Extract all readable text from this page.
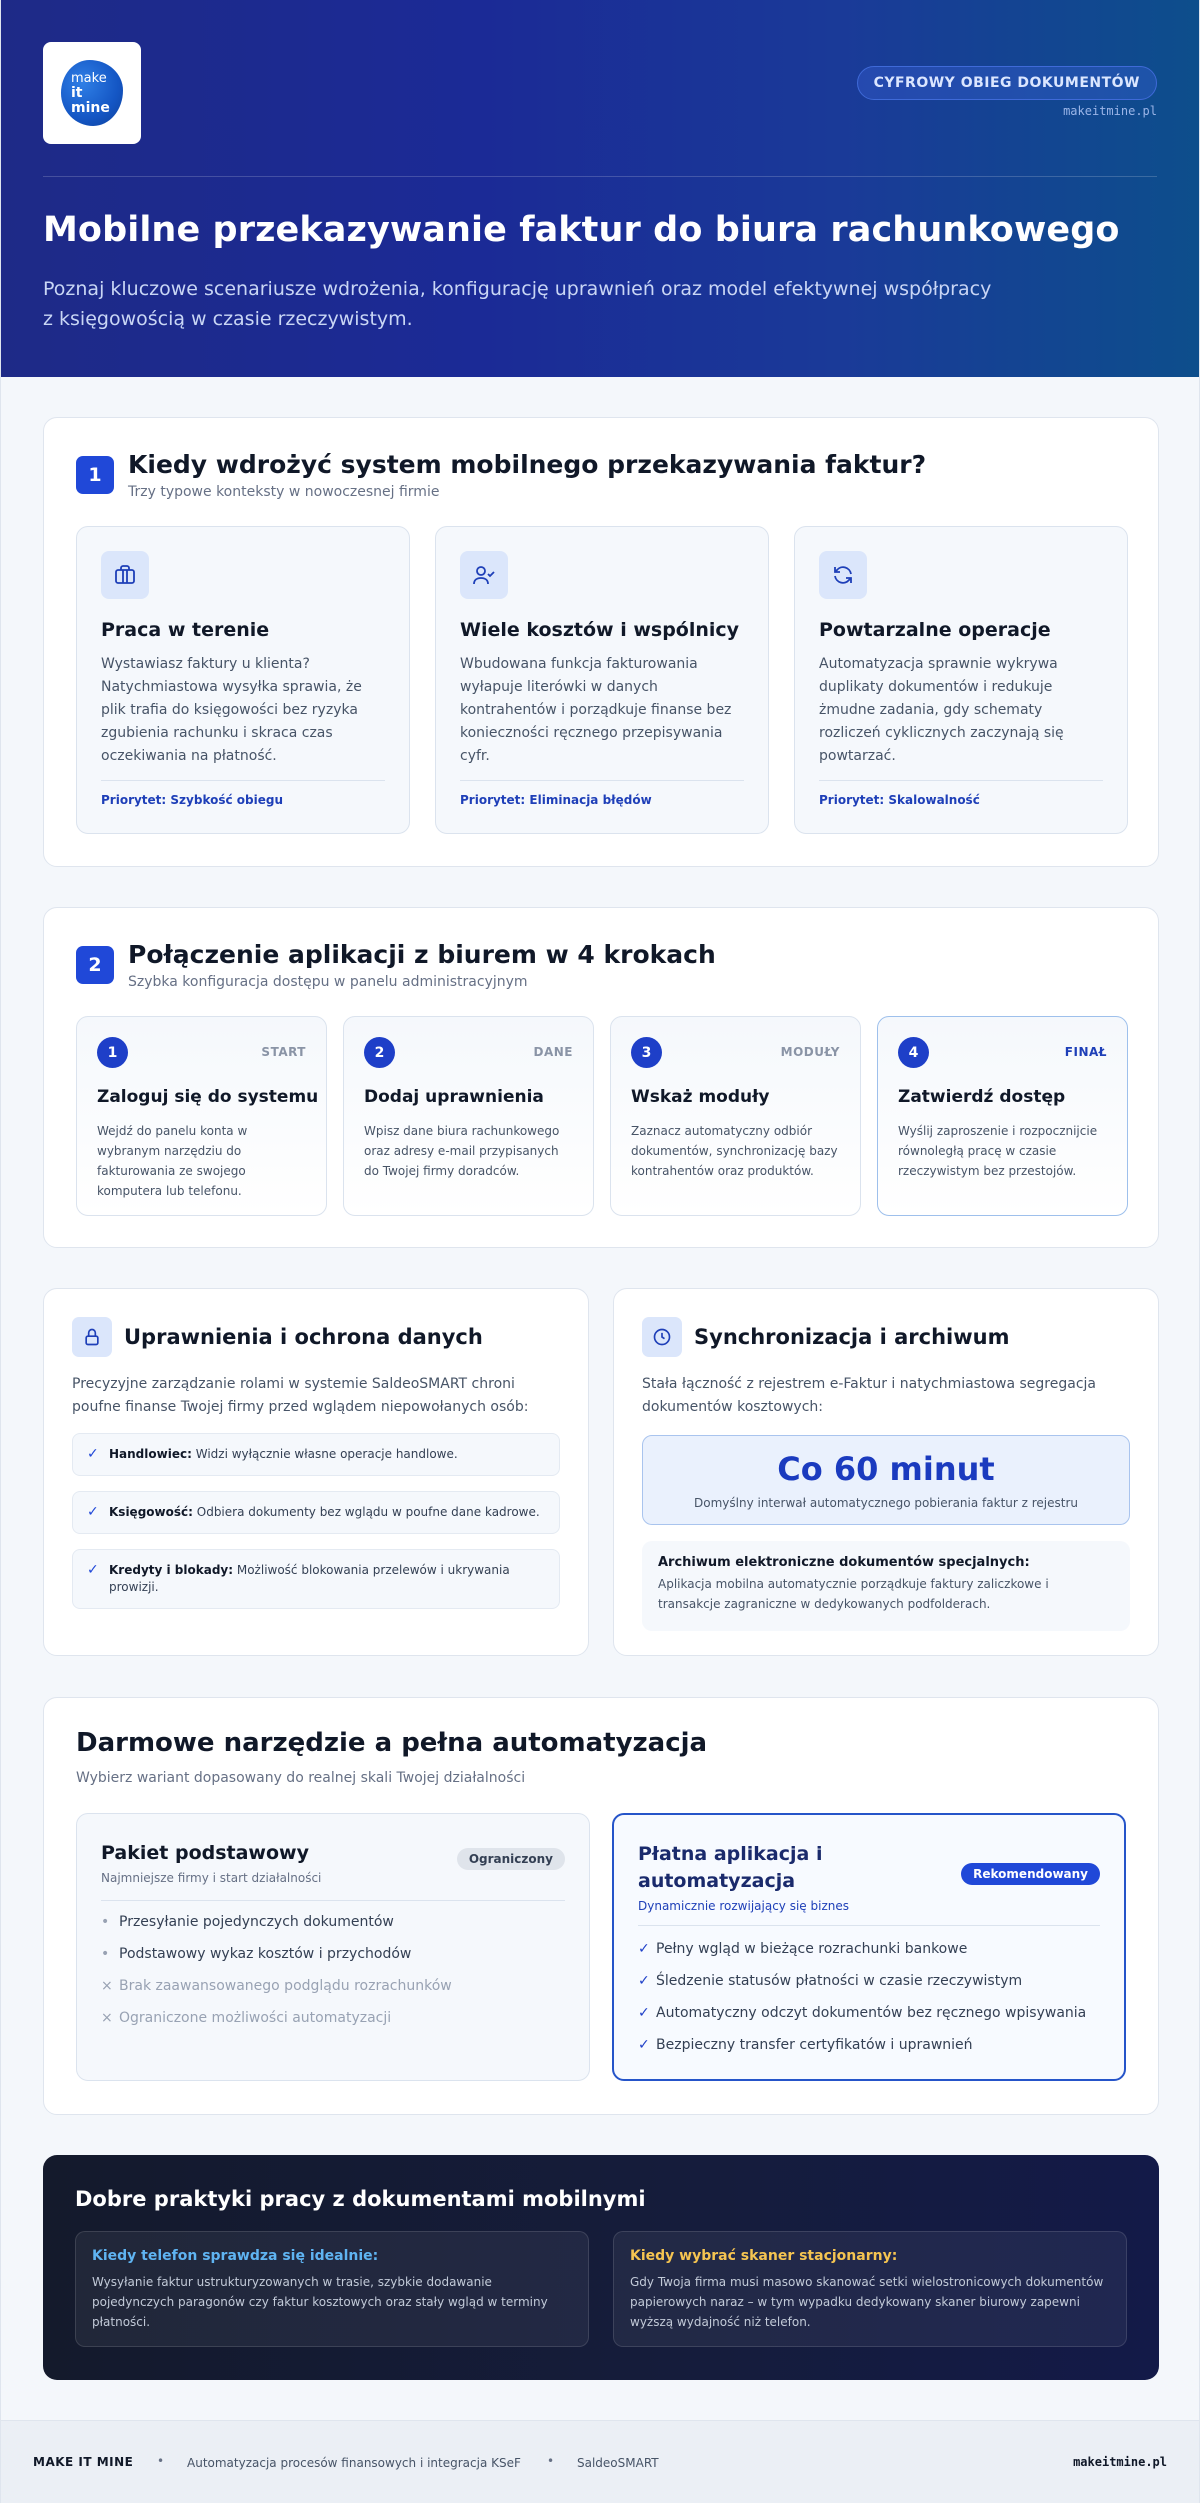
make
it
mine
CYFROWY OBIEG DOKUMENTÓW
makeitmine.pl
Mobilne przekazywanie faktur do biura rachunkowego

Poznaj kluczowe scenariusze wdrożenia, konfigurację uprawnień oraz model efektywnej współpracy z księgowością w czasie rzeczywistym.

1	Kiedy wdrożyć system mobilnego przekazywania faktur?
Trzy typowe konteksty w nowoczesnej firmie
Praca w terenie
Wystawiasz faktury u klienta? Natychmiastowa wysyłka sprawia, że plik trafia do księgowości bez ryzyka zgubienia rachunku i skraca czas oczekiwania na płatność.
Priorytet: Szybkość obiegu
Wiele kosztów i wspólnicy
Wbudowana funkcja fakturowania wyłapuje literówki w danych kontrahentów i porządkuje finanse bez konieczności ręcznego przepisywania cyfr.
Priorytet: Eliminacja błędów
Powtarzalne operacje
Automatyzacja sprawnie wykrywa duplikaty dokumentów i redukuje żmudne zadania, gdy schematy rozliczeń cyklicznych zaczynają się powtarzać.
Priorytet: Skalowalność
2	Połączenie aplikacji z biurem w 4 krokach
Szybka konfiguracja dostępu w panelu administracyjnym
1	START
Zaloguj się do systemu
Wejdź do panelu konta w wybranym narzędziu do fakturowania ze swojego komputera lub telefonu.
2	DANE
Dodaj uprawnienia
Wpisz dane biura rachunkowego oraz adresy e-mail przypisanych do Twojej firmy doradców.
3	MODUŁY
Wskaż moduły
Zaznacz automatyczny odbiór dokumentów, synchronizację bazy kontrahentów oraz produktów.
4	FINAŁ
Zatwierdź dostęp
Wyślij zaproszenie i rozpocznijcie równoległą pracę w czasie rzeczywistym bez przestojów.
Uprawnienia i ochrona danych
Precyzyjne zarządzanie rolami w systemie SaldeoSMART chroni poufne finanse Twojej firmy przed wglądem niepowołanych osób:
✓ Handlowiec: Widzi wyłącznie własne operacje handlowe.
✓ Księgowość: Odbiera dokumenty bez wglądu w poufne dane kadrowe.
✓ Kredyty i blokady: Możliwość blokowania przelewów i ukrywania prowizji.
Synchronizacja i archiwum
Stała łączność z rejestrem e-Faktur i natychmiastowa segregacja dokumentów kosztowych:
Co 60 minut
Domyślny interwał automatycznego pobierania faktur z rejestru
Archiwum elektroniczne dokumentów specjalnych:
Aplikacja mobilna automatycznie porządkuje faktury zaliczkowe i transakcje zagraniczne w dedykowanych podfolderach.
Darmowe narzędzie a pełna automatyzacja
Wybierz wariant dopasowany do realnej skali Twojej działalności
Pakiet podstawowy
Najmniejsze firmy i start działalności
Ograniczony
• Przesyłanie pojedynczych dokumentów
• Podstawowy wykaz kosztów i przychodów
× Brak zaawansowanego podglądu rozrachunków
× Ograniczone możliwości automatyzacji
Płatna aplikacja i automatyzacja
Dynamicznie rozwijający się biznes
Rekomendowany
✓ Pełny wgląd w bieżące rozrachunki bankowe
✓ Śledzenie statusów płatności w czasie rzeczywistym
✓ Automatyczny odczyt dokumentów bez ręcznego wpisywania
✓ Bezpieczny transfer certyfikatów i uprawnień
Dobre praktyki pracy z dokumentami mobilnymi
Kiedy telefon sprawdza się idealnie:
Wysyłanie faktur ustrukturyzowanych w trasie, szybkie dodawanie pojedynczych paragonów czy faktur kosztowych oraz stały wgląd w terminy płatności.
Kiedy wybrać skaner stacjonarny:
Gdy Twoja firma musi masowo skanować setki wielostronicowych dokumentów papierowych naraz – w tym wypadku dedykowany skaner biurowy zapewni wyższą wydajność niż telefon.
MAKE IT MINE • Automatyzacja procesów finansowych i integracja KSeF • SaldeoSMART	makeitmine.pl
